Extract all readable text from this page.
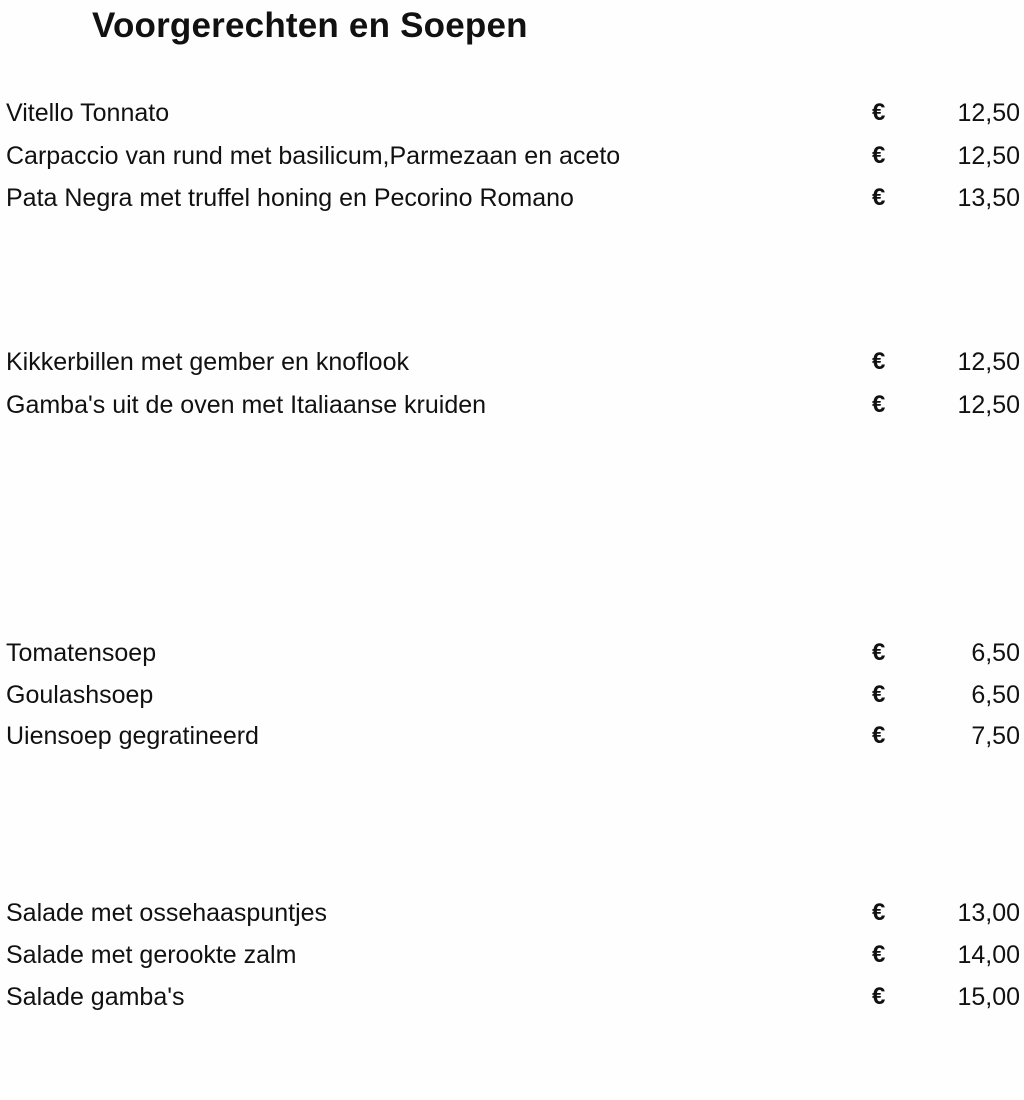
Voorgerechten en Soepen
Vitello Tonnato	€	12,50
Carpaccio van rund met basilicum,Parmezaan en aceto	€	12,50
Pata Negra met truffel honing en Pecorino Romano	€	13,50
Kikkerbillen met gember en knoflook	€	12,50
Gamba's uit de oven met Italiaanse kruiden	€	12,50
Tomatensoep	€	6,50
Goulashsoep	€	6,50
Uiensoep gegratineerd	€	7,50
Salade met ossehaaspuntjes	€	13,00
Salade met gerookte zalm	€	14,00
Salade gamba's	€	15,00
